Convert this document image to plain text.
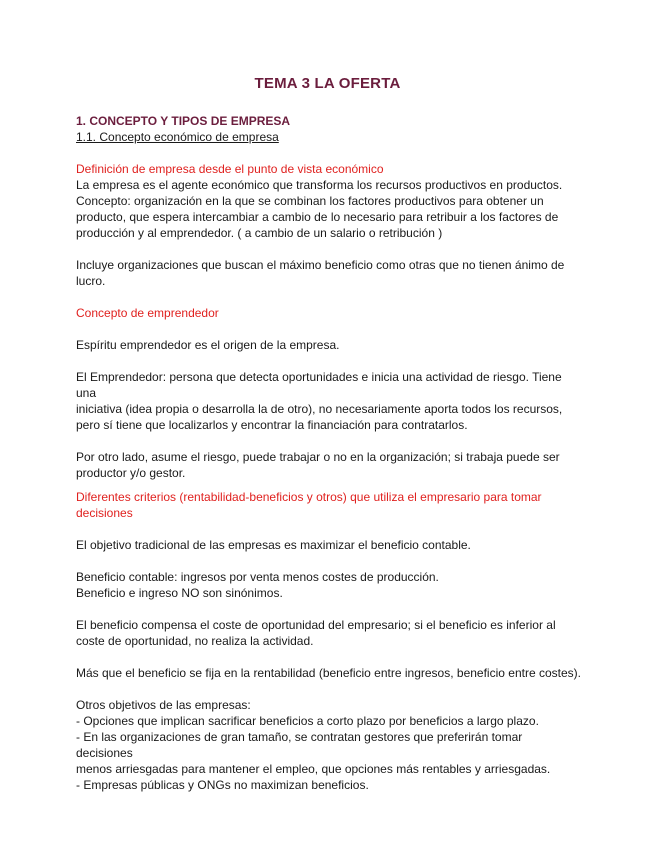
TEMA 3 LA OFERTA

1. CONCEPTO Y TIPOS DE EMPRESA

1.1. Concepto económico de empresa

Definición de empresa desde el punto de vista económico

La empresa es el agente económico que transforma los recursos productivos en productos.

Concepto: organización en la que se combinan los factores productivos para obtener un

producto, que espera intercambiar a cambio de lo necesario para retribuir a los factores de

producción y al emprendedor. ( a cambio de un salario o retribución )

Incluye organizaciones que buscan el máximo beneficio como otras que no tienen ánimo de

lucro.

Concepto de emprendedor

Espíritu emprendedor es el origen de la empresa.

El Emprendedor: persona que detecta oportunidades e inicia una actividad de riesgo. Tiene una

iniciativa (idea propia o desarrolla la de otro), no necesariamente aporta todos los recursos,

pero sí tiene que localizarlos y encontrar la financiación para contratarlos.

Por otro lado, asume el riesgo, puede trabajar o no en la organización; si trabaja puede ser

productor y/o gestor.

Diferentes criterios (rentabilidad-beneficios y otros) que utiliza el empresario para tomar

decisiones

El objetivo tradicional de las empresas es maximizar el beneficio contable.

Beneficio contable: ingresos por venta menos costes de producción.

Beneficio e ingreso NO son sinónimos.

El beneficio compensa el coste de oportunidad del empresario; si el beneficio es inferior al

coste de oportunidad, no realiza la actividad.

Más que el beneficio se fija en la rentabilidad (beneficio entre ingresos, beneficio entre costes).

Otros objetivos de las empresas:

- Opciones que implican sacrificar beneficios a corto plazo por beneficios a largo plazo.

- En las organizaciones de gran tamaño, se contratan gestores que preferirán tomar decisiones

menos arriesgadas para mantener el empleo, que opciones más rentables y arriesgadas.

- Empresas públicas y ONGs no maximizan beneficios.
